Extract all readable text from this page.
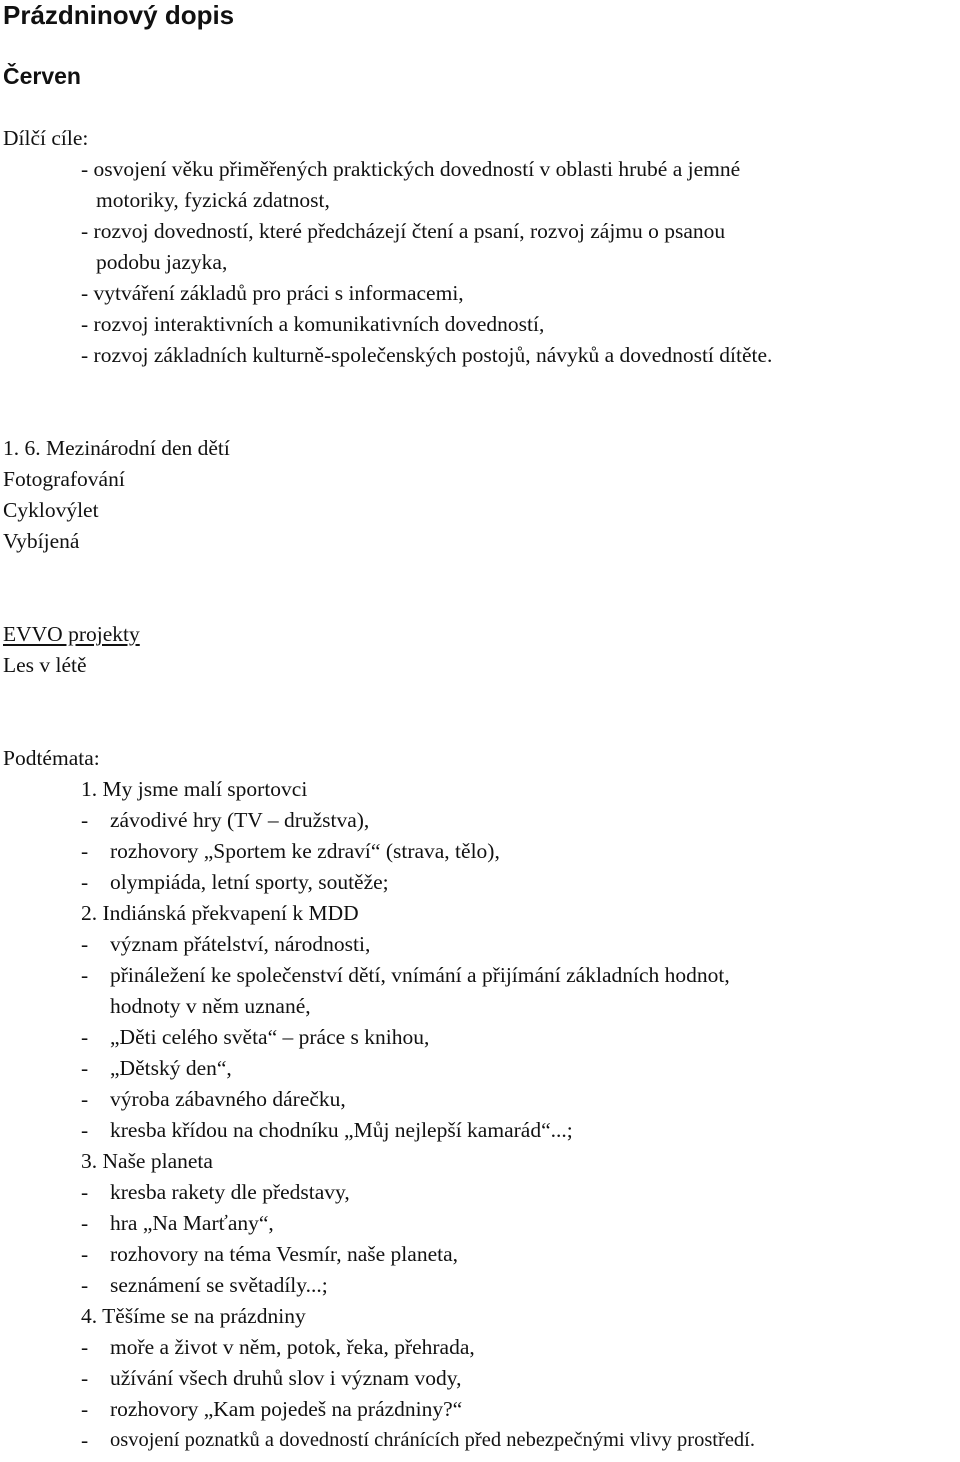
Prázdninový dopis
Červen
Dílčí cíle:
- osvojení věku přiměřených praktických dovedností v oblasti hrubé a jemné
motoriky, fyzická zdatnost,
- rozvoj dovedností, které předcházejí čtení a psaní, rozvoj zájmu o psanou
podobu jazyka,
- vytváření základů pro práci s informacemi,
- rozvoj interaktivních a komunikativních dovedností,
- rozvoj základních kulturně-společenských postojů, návyků a dovedností dítěte.
1. 6. Mezinárodní den dětí
Fotografování
Cyklovýlet
Vybíjená
EVVO projekty
Les v létě
Podtémata:
1. My jsme malí sportovci
- závodivé hry (TV – družstva),
- rozhovory „Sportem ke zdraví“ (strava, tělo),
- olympiáda, letní sporty, soutěže;
2. Indiánská překvapení k MDD
- význam přátelství, národnosti,
- přináležení ke společenství dětí, vnímání a přijímání základních hodnot,
hodnoty v něm uznané,
- „Děti celého světa“ – práce s knihou,
- „Dětský den“,
- výroba zábavného dárečku,
- kresba křídou na chodníku „Můj nejlepší kamarád“...;
3. Naše planeta
- kresba rakety dle představy,
- hra „Na Marťany“,
- rozhovory na téma Vesmír, naše planeta,
- seznámení se světadíly...;
4. Těšíme se na prázdniny
- moře a život v něm, potok, řeka, přehrada,
- užívání všech druhů slov i význam vody,
- rozhovory „Kam pojedeš na prázdniny?“
- osvojení poznatků a dovedností chránících před nebezpečnými vlivy prostředí.
